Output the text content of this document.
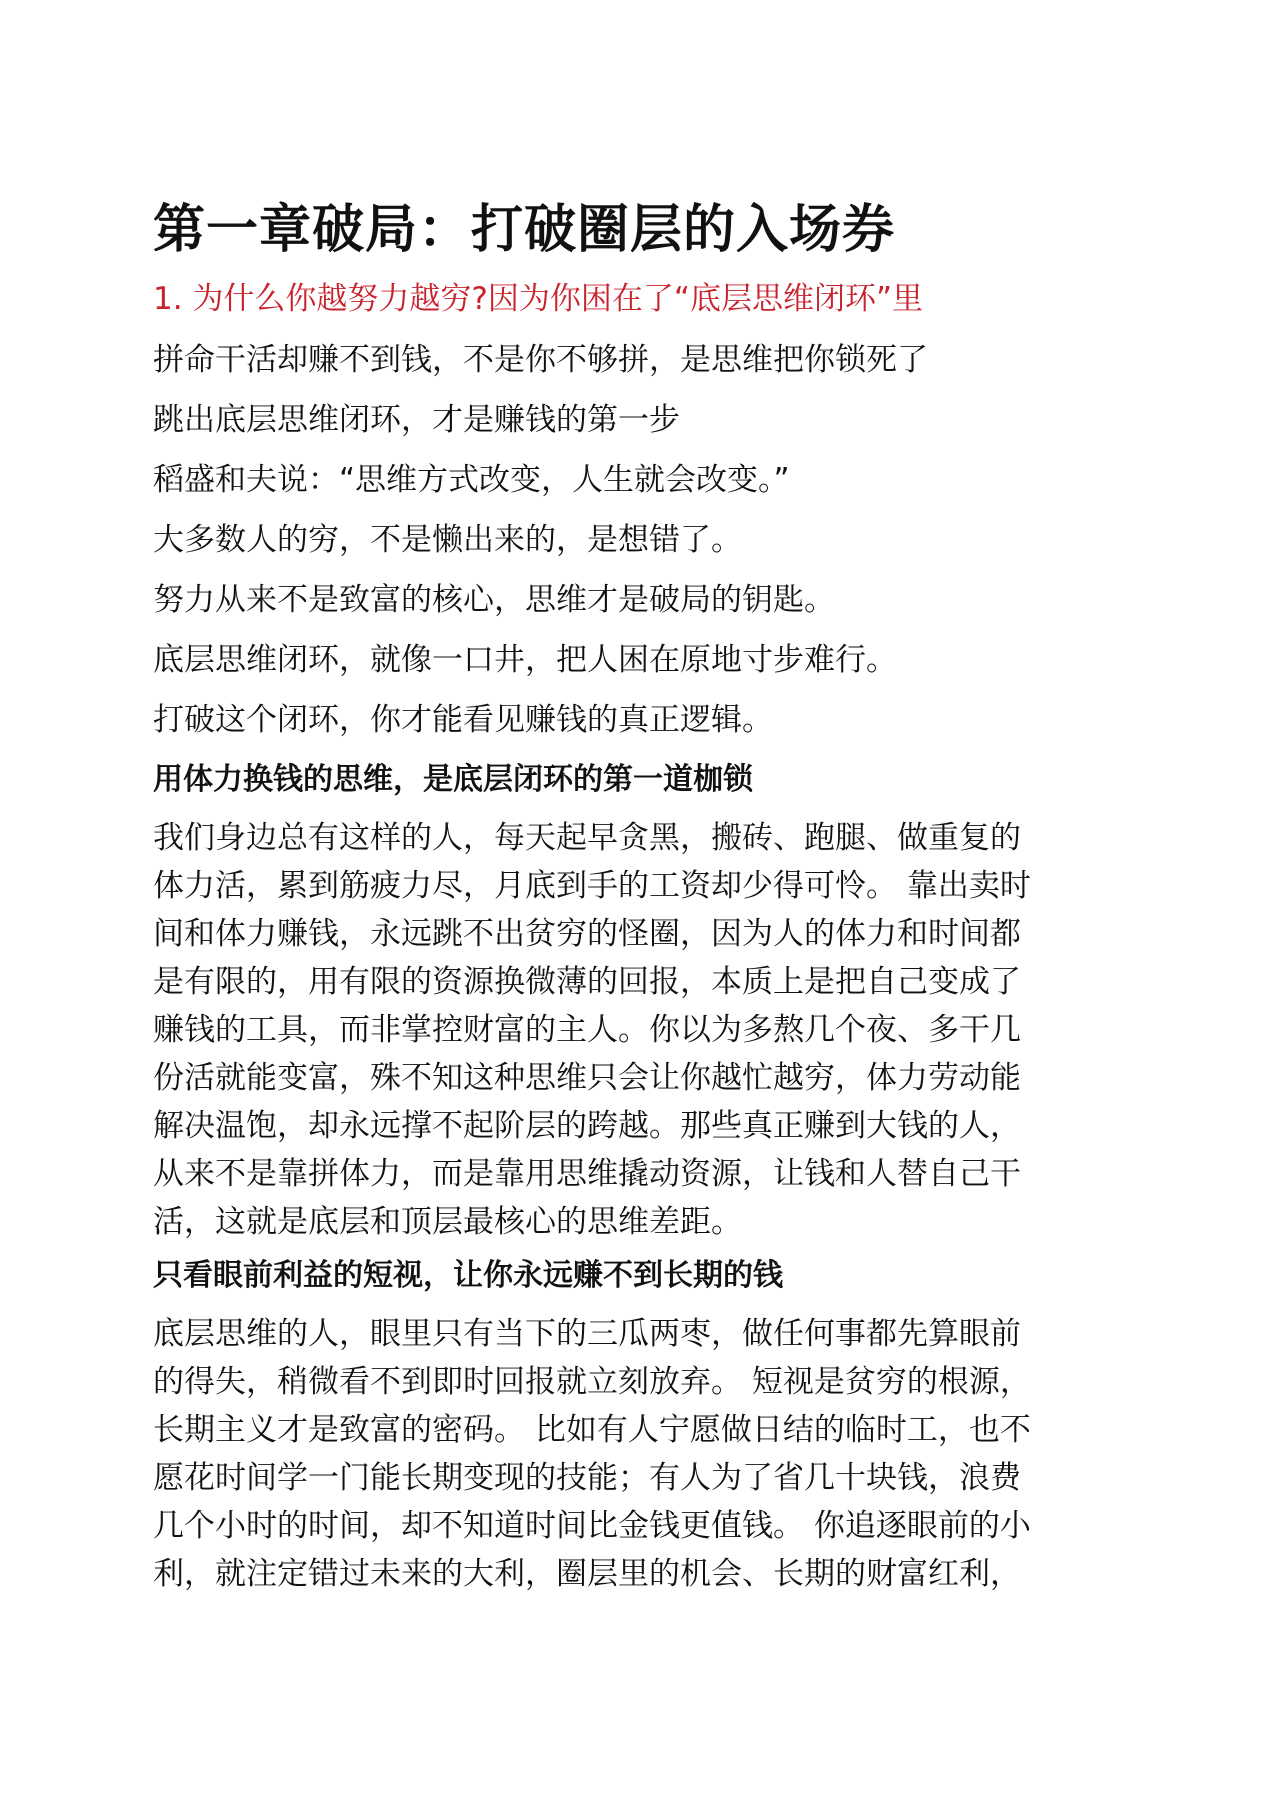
第一章破局：打破圈层的入场券
1. 为什么你越努力越穷?因为你困在了“底层思维闭环”里
拼命干活却赚不到钱，不是你不够拼，是思维把你锁死了
跳出底层思维闭环，才是赚钱的第一步
稻盛和夫说：“思维方式改变，人生就会改变。”
大多数人的穷，不是懒出来的，是想错了。
努力从来不是致富的核心，思维才是破局的钥匙。
底层思维闭环，就像一口井，把人困在原地寸步难行。
打破这个闭环，你才能看见赚钱的真正逻辑。
用体力换钱的思维，是底层闭环的第一道枷锁

我们身边总有这样的人，每天起早贪黑，搬砖、跑腿、做重复的
体力活，累到筋疲力尽，月底到手的工资却少得可怜。 靠出卖时
间和体力赚钱，永远跳不出贫穷的怪圈，因为人的体力和时间都
是有限的，用有限的资源换微薄的回报，本质上是把自己变成了
赚钱的工具，而非掌控财富的主人。你以为多熬几个夜、多干几
份活就能变富，殊不知这种思维只会让你越忙越穷，体力劳动能
解决温饱，却永远撑不起阶层的跨越。那些真正赚到大钱的人，
从来不是靠拼体力，而是靠用思维撬动资源，让钱和人替自己干
活，这就是底层和顶层最核心的思维差距。

只看眼前利益的短视，让你永远赚不到长期的钱

底层思维的人，眼里只有当下的三瓜两枣，做任何事都先算眼前
的得失，稍微看不到即时回报就立刻放弃。 短视是贫穷的根源，
长期主义才是致富的密码。 比如有人宁愿做日结的临时工，也不
愿花时间学一门能长期变现的技能；有人为了省几十块钱，浪费
几个小时的时间，却不知道时间比金钱更值钱。 你追逐眼前的小
利，就注定错过未来的大利，圈层里的机会、长期的财富红利，
